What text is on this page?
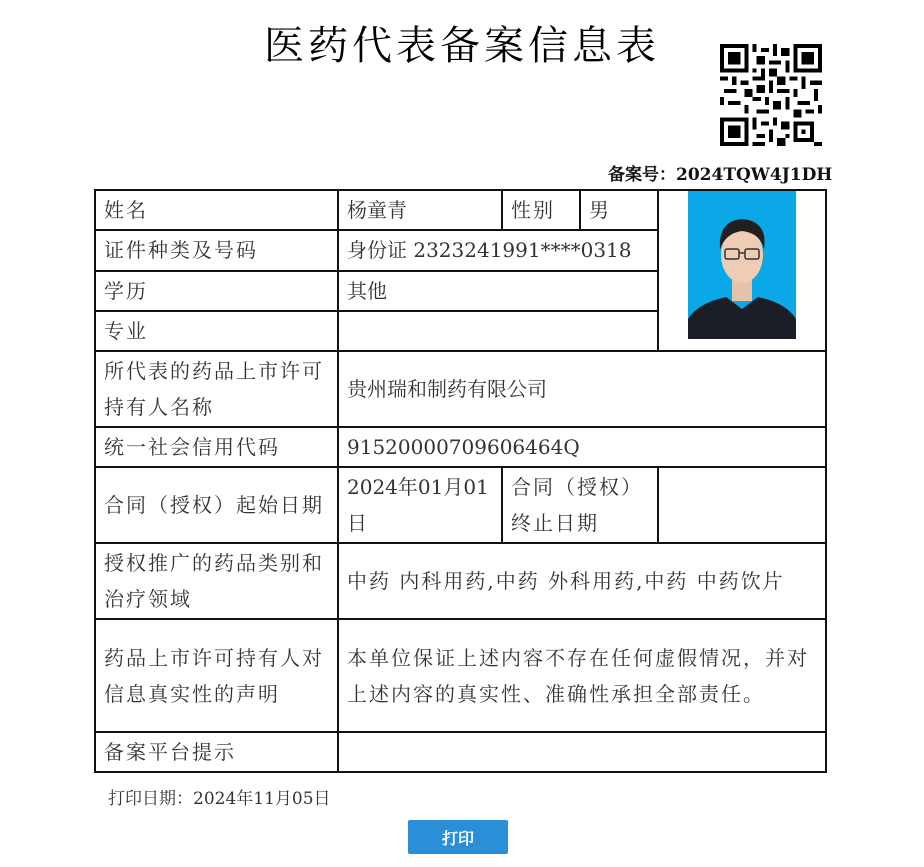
医药代表备案信息表
备案号：2024TQW4J1DH
姓名	杨童青	性别	男	
证件种类及号码	身份证 2323241991****0318			
学历	其他			
专业				
所代表的药品上市许可持有人名称	贵州瑞和制药有限公司			
统一社会信用代码	91520000709606464Q			
合同（授权）起始日期	2024年01月01日	合同（授权）终止日期		
授权推广的药品类别和治疗领域	中药 内科用药,中药 外科用药,中药 中药饮片			
药品上市许可持有人对信息真实性的声明	本单位保证上述内容不存在任何虚假情况，并对上述内容的真实性、准确性承担全部责任。			
备案平台提示				
打印日期：2024年11月05日
打印
